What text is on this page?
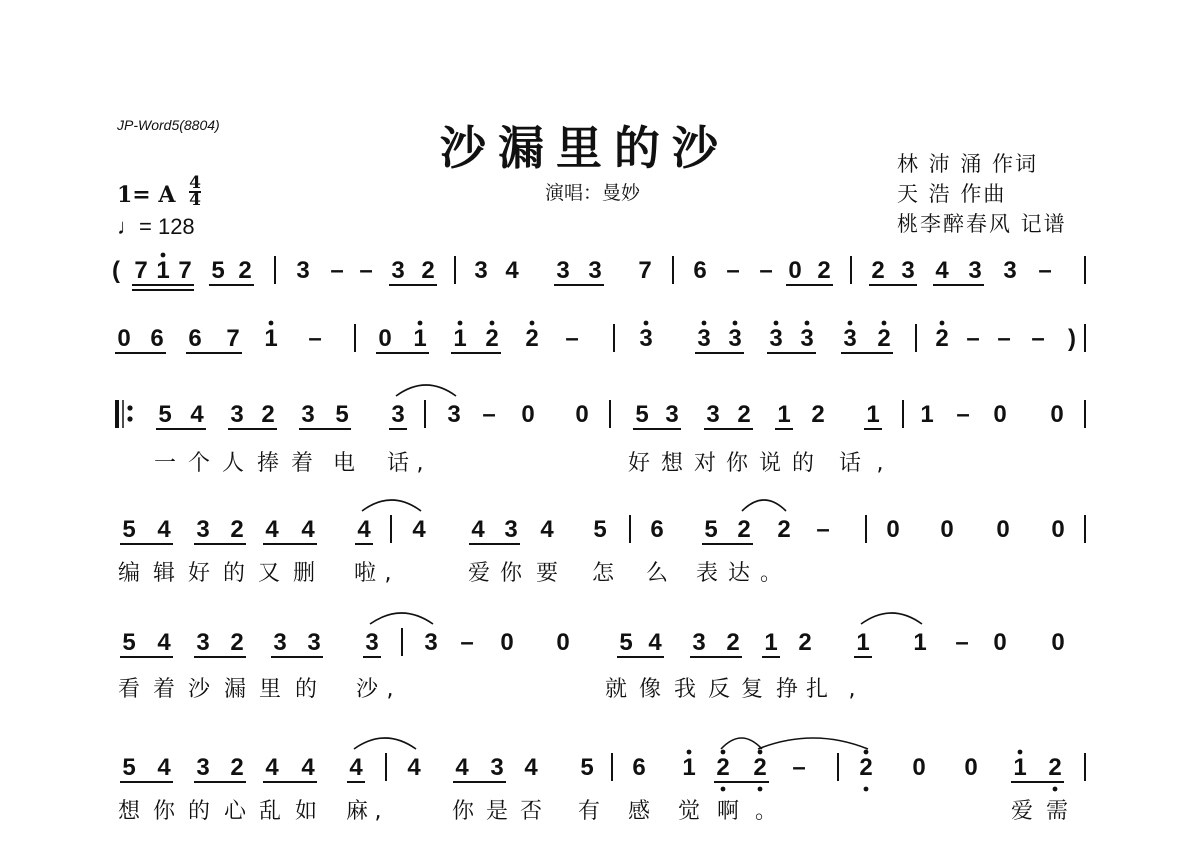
JP-Word5(8804)	沙漏里的沙
演唱：曼妙
林 沛 涌 作词
天 浩 作曲
桃李醉春风 记谱
1= A $\frac{4}{4}$
♩= 128
( 7 1 7 5 2 3 – – 3 2 3 4 3 3 7 6 – – 0 2 2 3 4 3 3 –
0 6 6 7 1 – 0 1 1 2 2 –	3 3 3 3 3 3 2 2 – – – )
5 4 3 2 3 5 3 3 – 0 0 5 3 3 2 1 2 1 1 – 0 0
一 个 人 捧 着 电 话 ,	好 想 对 你 说 的 话 ,
5 4 3 2 4 4 4 4 4 3 4 5 6 5 2 2 – 0 0 0 0
编 辑 好 的 又 删 啦 ,	爱 你 要 怎 么 表 达 。
5 4 3 2 3 3 3 3 – 0 0 5 4 3 2 1 2 1 1 – 0 0
看 着 沙 漏 里 的 沙 ,	就 像 我 反 复 挣 扎 ,
5 4 3 2 4 4 4 4 4 3 4 5 6 1 2 2 – 2 0 0 1 2
想 你 的 心 乱 如 麻 ,	你 是 否 有 感 觉 啊 。	爱 需
